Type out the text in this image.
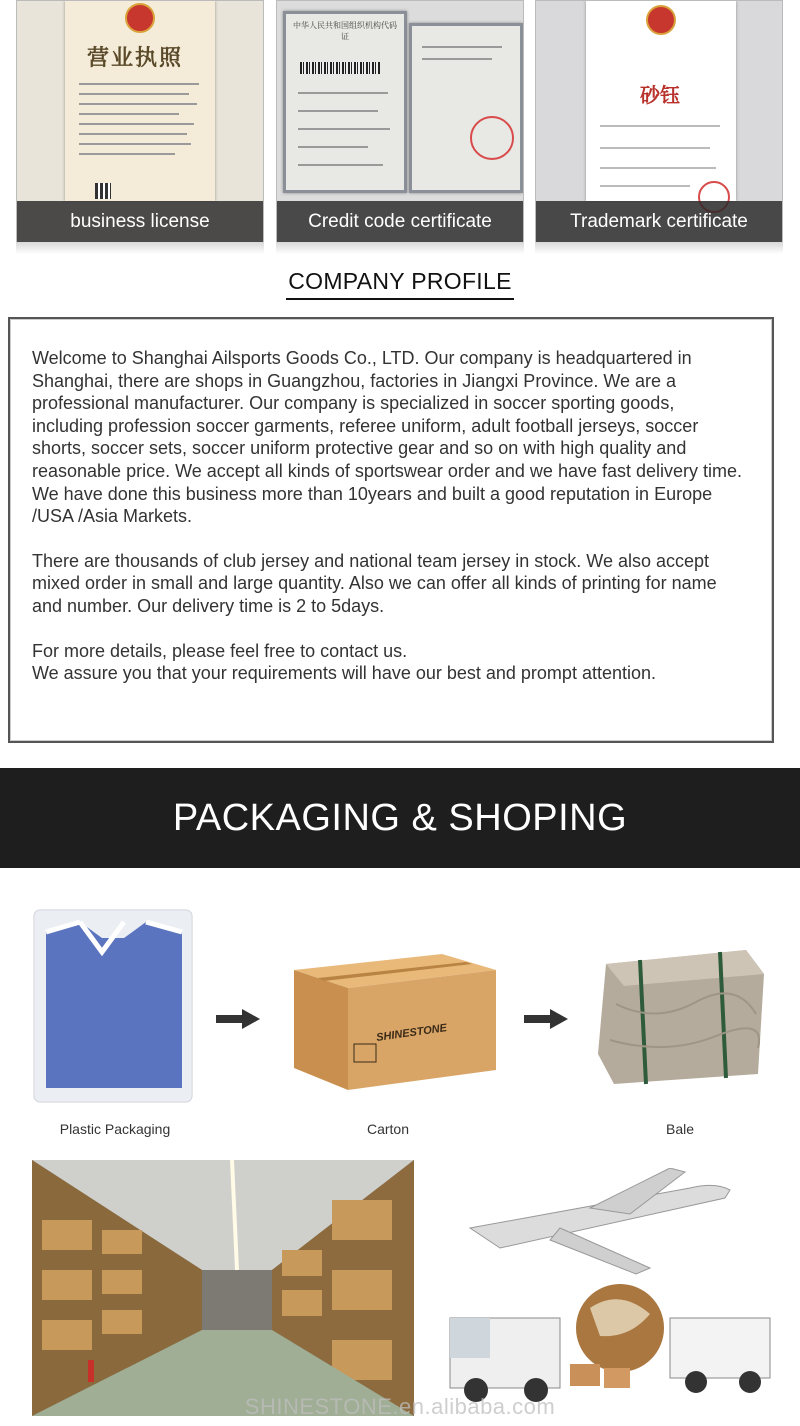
营业执照
business license
中华人民共和国组织机构代码证
Credit code certificate
砂钰
Trademark certificate
COMPANY PROFILE

Welcome to Shanghai Ailsports Goods Co., LTD. Our company is headquartered in Shanghai, there are shops in Guangzhou, factories in Jiangxi Province. We are a professional manufacturer. Our company is specialized in soccer sporting goods, including profession soccer garments, referee uniform, adult football jerseys, soccer shorts, soccer sets, soccer uniform protective gear and so on with high quality and reasonable price. We accept all kinds of sportswear order and we have fast delivery time. We have done this business more than 10years and built a good reputation in Europe /USA /Asia Markets.

There are thousands of club jersey and national team jersey in stock. We also accept mixed order in small and large quantity. Also we can offer all kinds of printing for name and number. Our delivery time is 2 to 5days.

For more details, please feel free to contact us.

We assure you that your requirements will have our best and prompt attention.

PACKAGING & SHOPING
SHINESTONE
Plastic Packaging	Carton	Bale
SHINESTONE.en.alibaba.com
